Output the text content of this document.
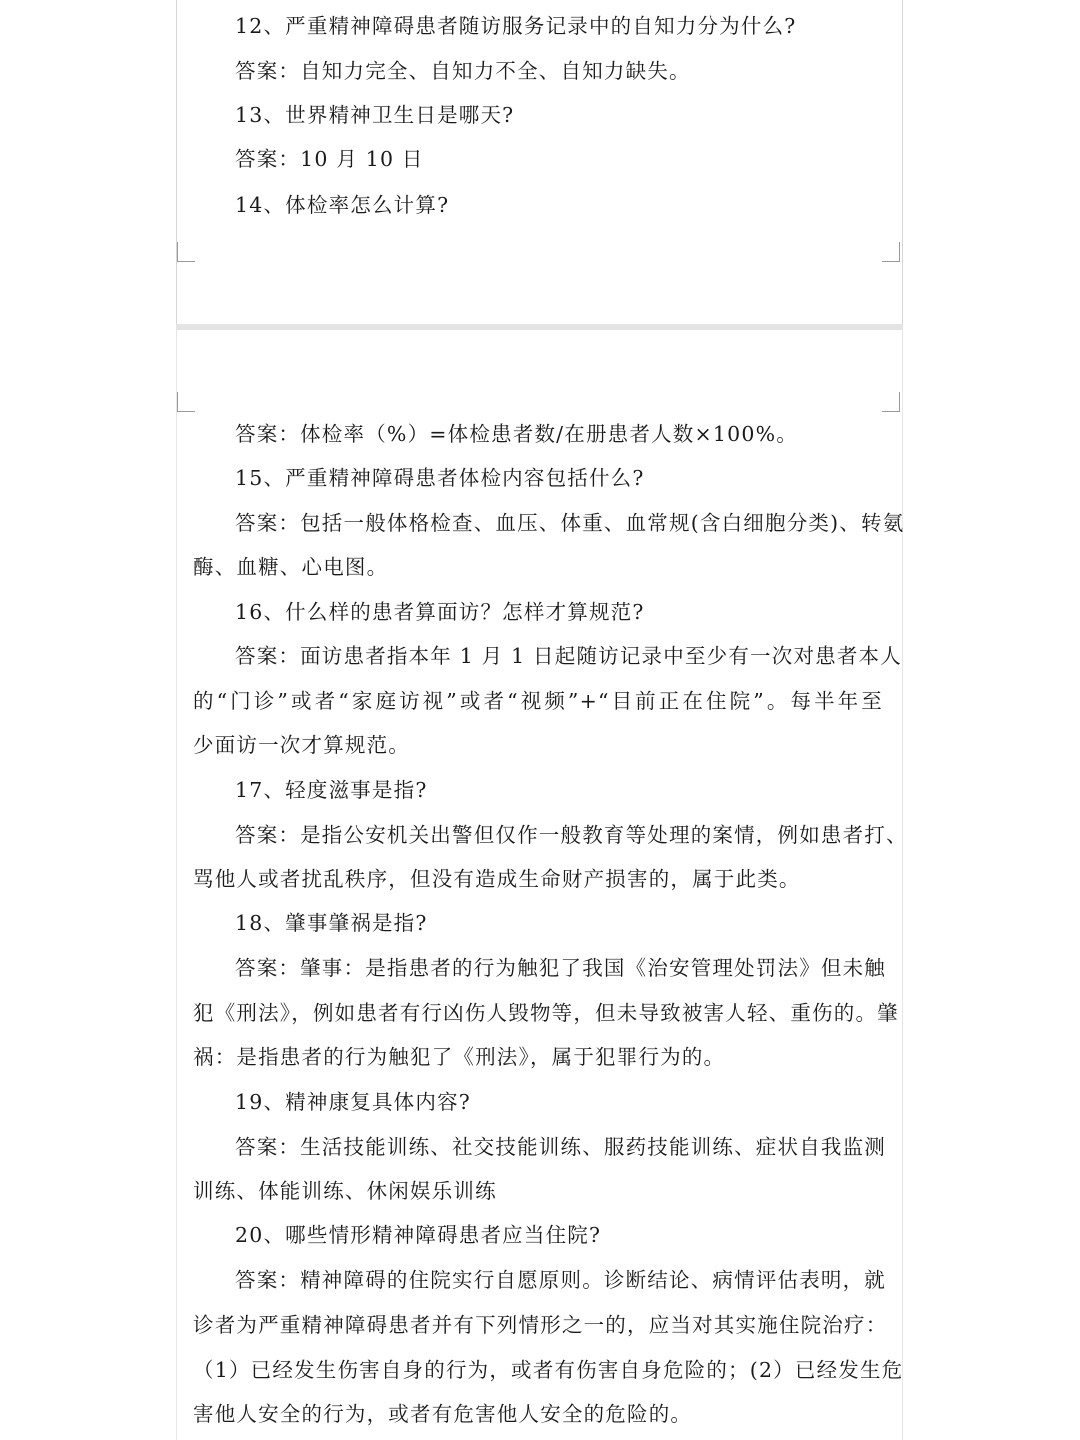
12、严重精神障碍患者随访服务记录中的自知力分为什么?

答案：自知力完全、自知力不全、自知力缺失。

13、世界精神卫生日是哪天?

答案：10 月 10 日

14、体检率怎么计算?

答案：体检率（%）=体检患者数/在册患者人数×100%。

15、严重精神障碍患者体检内容包括什么?

答案：包括一般体格检查、血压、体重、血常规(含白细胞分类)、转氨

酶、血糖、心电图。

16、什么样的患者算面访？怎样才算规范?

答案：面访患者指本年 1 月 1 日起随访记录中至少有一次对患者本人

的“门诊”或者“家庭访视”或者“视频”+“目前正在住院”。每半年至

少面访一次才算规范。

17、轻度滋事是指?

答案：是指公安机关出警但仅作一般教育等处理的案情，例如患者打、

骂他人或者扰乱秩序，但没有造成生命财产损害的，属于此类。

18、肇事肇祸是指?

答案：肇事：是指患者的行为触犯了我国《治安管理处罚法》但未触

犯《刑法》，例如患者有行凶伤人毁物等，但未导致被害人轻、重伤的。肇

祸：是指患者的行为触犯了《刑法》，属于犯罪行为的。

19、精神康复具体内容?

答案：生活技能训练、社交技能训练、服药技能训练、症状自我监测

训练、体能训练、休闲娱乐训练

20、哪些情形精神障碍患者应当住院?

答案：精神障碍的住院实行自愿原则。诊断结论、病情评估表明，就

诊者为严重精神障碍患者并有下列情形之一的，应当对其实施住院治疗：

（1）已经发生伤害自身的行为，或者有伤害自身危险的；(2）已经发生危

害他人安全的行为，或者有危害他人安全的危险的。
